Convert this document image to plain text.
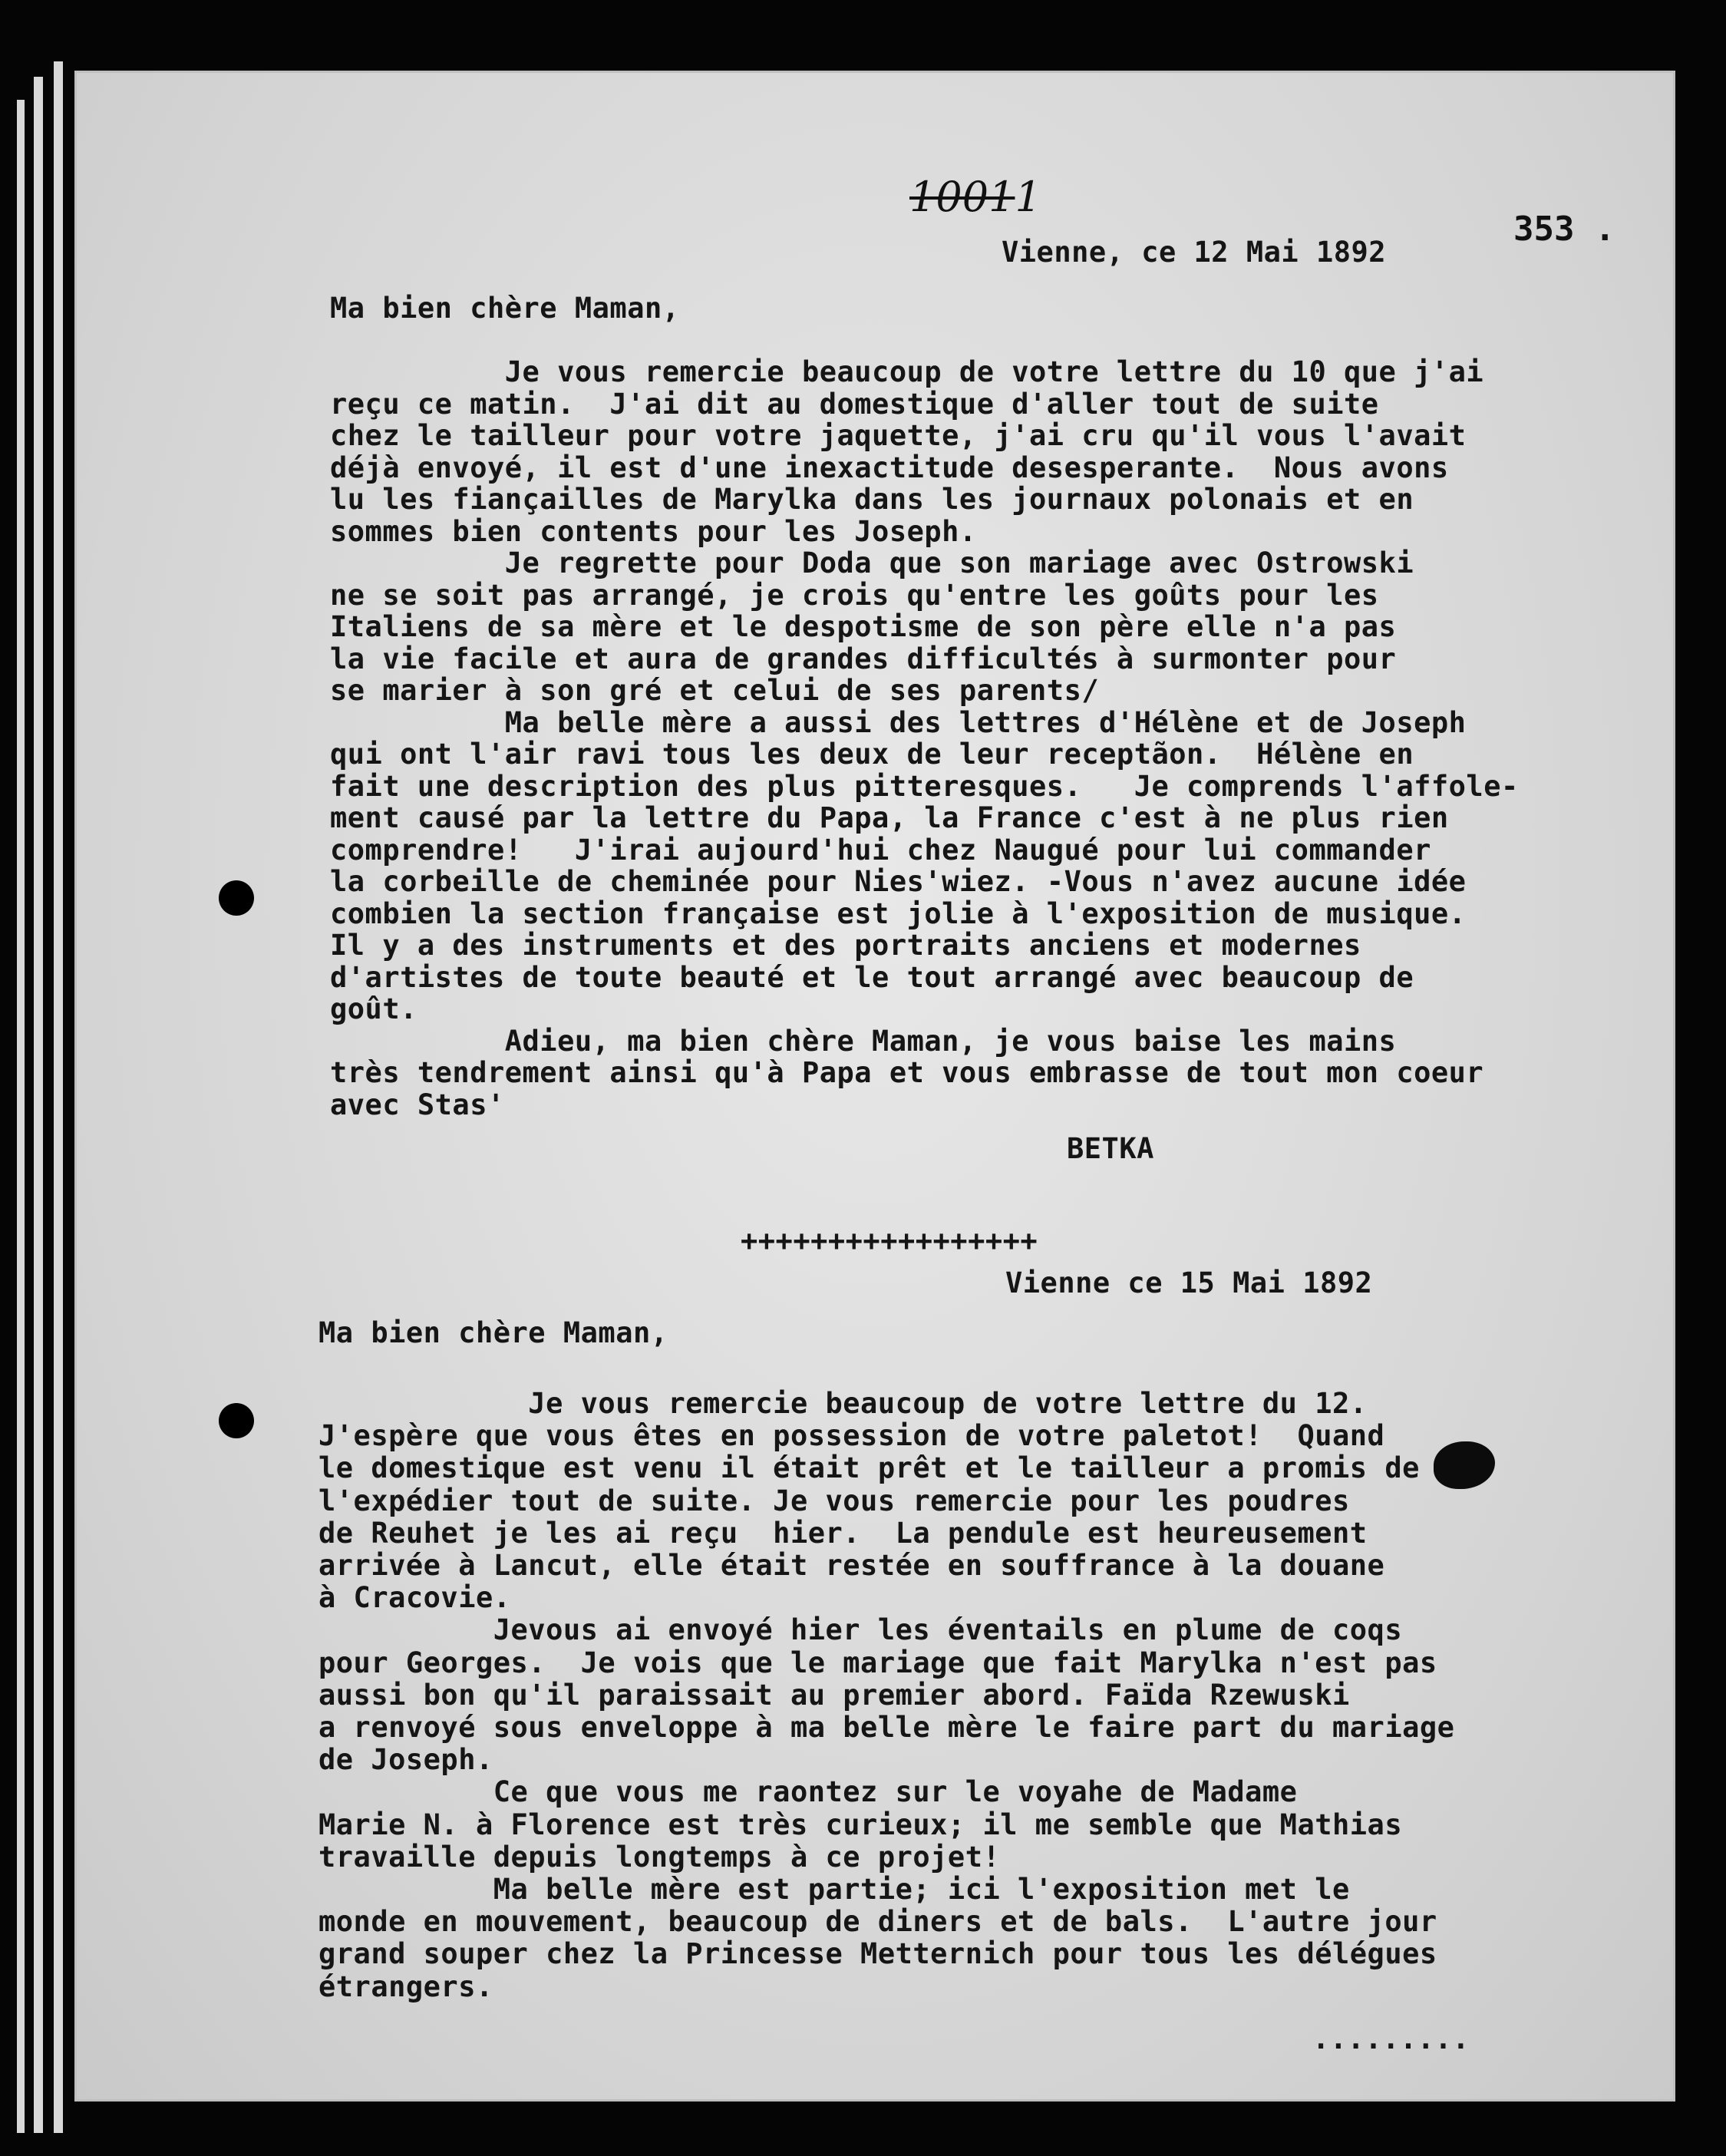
10011
353 .
Vienne, ce 12 Mai 1892
Ma bien chère Maman,
Je vous remercie beaucoup de votre lettre du 10 que j'ai
reçu ce matin.  J'ai dit au domestique d'aller tout de suite
chez le tailleur pour votre jaquette, j'ai cru qu'il vous l'avait
déjà envoyé, il est d'une inexactitude desesperante.  Nous avons
lu les fiançailles de Marylka dans les journaux polonais et en
sommes bien contents pour les Joseph.
Je regrette pour Doda que son mariage avec Ostrowski
ne se soit pas arrangé, je crois qu'entre les goûts pour les
Italiens de sa mère et le despotisme de son père elle n'a pas
la vie facile et aura de grandes difficultés à surmonter pour
se marier à son gré et celui de ses parents/
Ma belle mère a aussi des lettres d'Hélène et de Joseph
qui ont l'air ravi tous les deux de leur receptãon.  Hélène en
fait une description des plus pitteresques.   Je comprends l'affole-
ment causé par la lettre du Papa, la France c'est à ne plus rien
comprendre!   J'irai aujourd'hui chez Naugué pour lui commander
la corbeille de cheminée pour Nies'wiez. -Vous n'avez aucune idée
combien la section française est jolie à l'exposition de musique.
Il y a des instruments et des portraits anciens et modernes
d'artistes de toute beauté et le tout arrangé avec beaucoup de
goût.
Adieu, ma bien chère Maman, je vous baise les mains
très tendrement ainsi qu'à Papa et vous embrasse de tout mon coeur
avec Stas'
BETKA
+++++++++++++++++
Vienne ce 15 Mai 1892
Ma bien chère Maman,
Je vous remercie beaucoup de votre lettre du 12.
J'espère que vous êtes en possession de votre paletot!  Quand
le domestique est venu il était prêt et le tailleur a promis de
l'expédier tout de suite. Je vous remercie pour les poudres
de Reuhet je les ai reçu  hier.  La pendule est heureusement
arrivée à Lancut, elle était restée en souffrance à la douane
à Cracovie.
Jevous ai envoyé hier les éventails en plume de coqs
pour Georges.  Je vois que le mariage que fait Marylka n'est pas
aussi bon qu'il paraissait au premier abord. Faïda Rzewuski
a renvoyé sous enveloppe à ma belle mère le faire part du mariage
de Joseph.
Ce que vous me raontez sur le voyahe de Madame
Marie N. à Florence est très curieux; il me semble que Mathias
travaille depuis longtemps à ce projet!
Ma belle mère est partie; ici l'exposition met le
monde en mouvement, beaucoup de diners et de bals.  L'autre jour
grand souper chez la Princesse Metternich pour tous les délégues
étrangers.
.........
